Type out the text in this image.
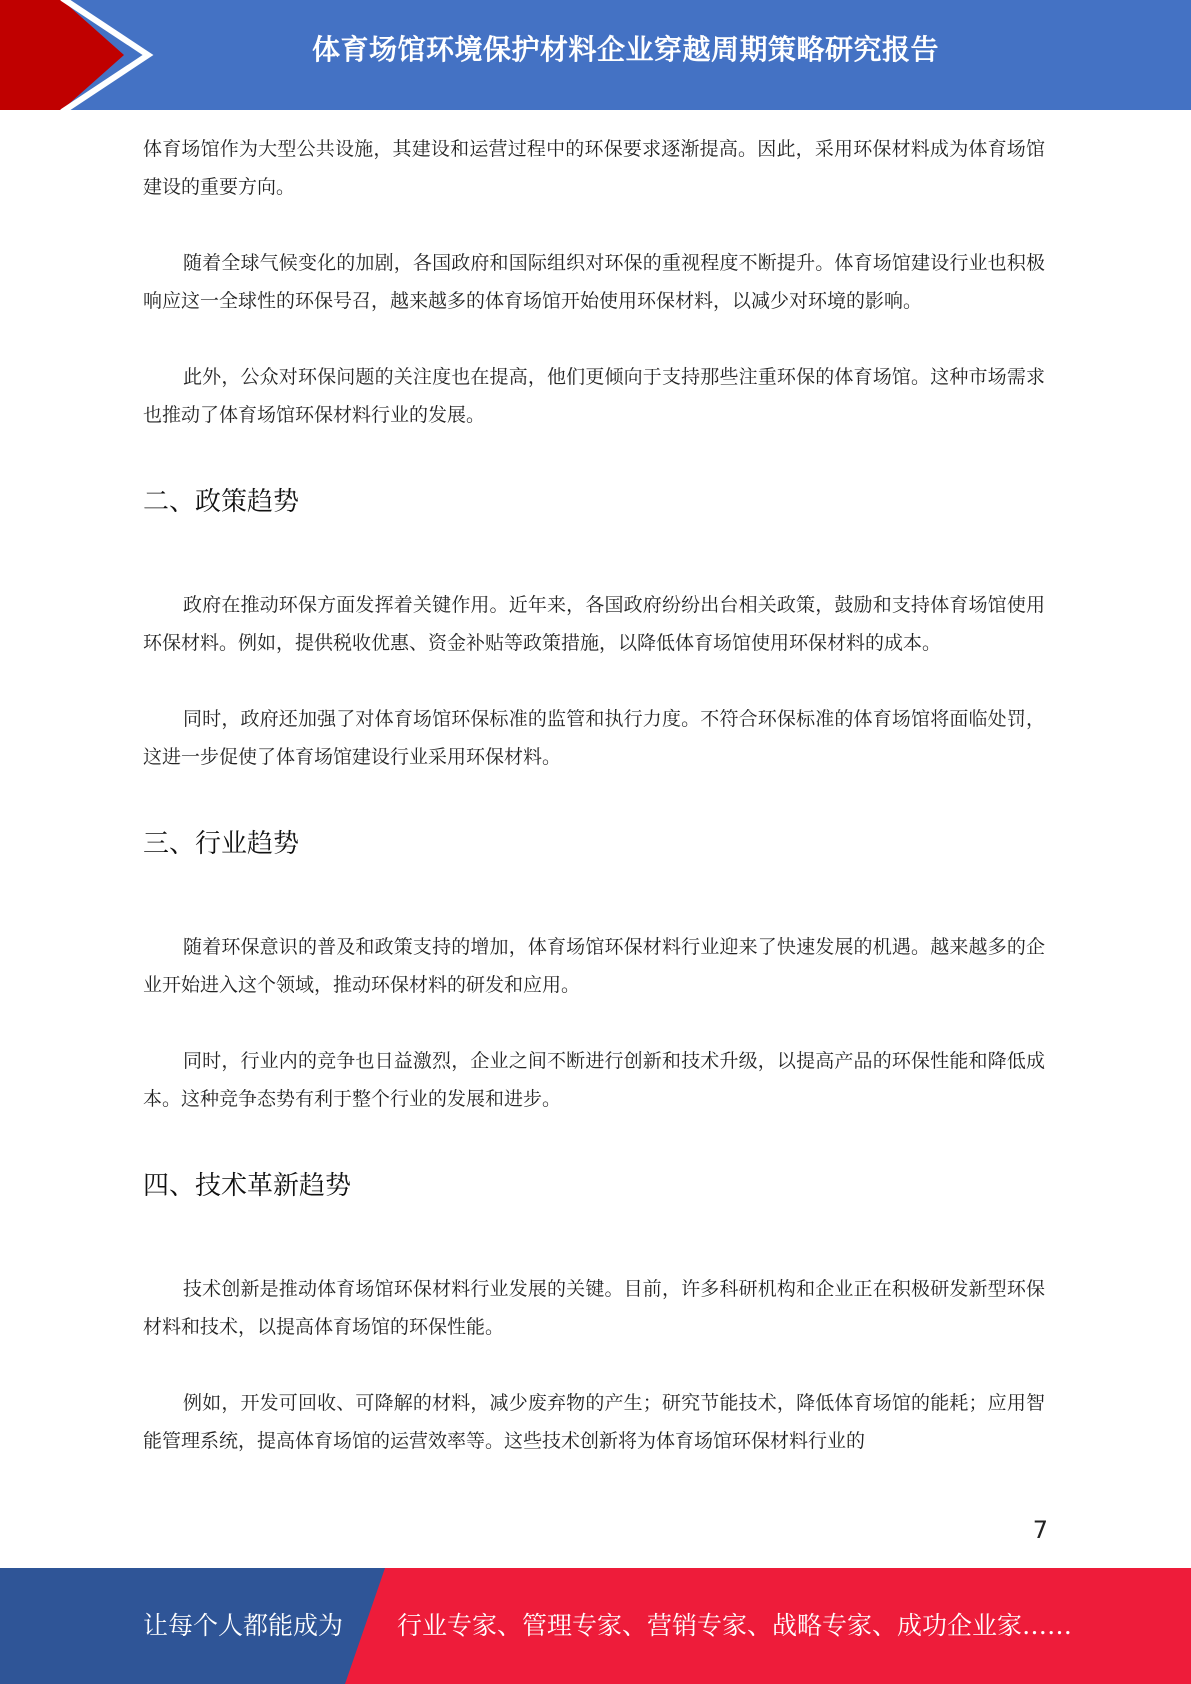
体育场馆环境保护材料企业穿越周期策略研究报告

体育场馆作为大型公共设施，其建设和运营过程中的环保要求逐渐提高。因此，采用环保材料成为体育场馆建设的重要方向。

随着全球气候变化的加剧，各国政府和国际组织对环保的重视程度不断提升。体育场馆建设行业也积极响应这一全球性的环保号召，越来越多的体育场馆开始使用环保材料，以减少对环境的影响。

此外，公众对环保问题的关注度也在提高，他们更倾向于支持那些注重环保的体育场馆。这种市场需求也推动了体育场馆环保材料行业的发展。

二、政策趋势

政府在推动环保方面发挥着关键作用。近年来，各国政府纷纷出台相关政策，鼓励和支持体育场馆使用环保材料。例如，提供税收优惠、资金补贴等政策措施，以降低体育场馆使用环保材料的成本。

同时，政府还加强了对体育场馆环保标准的监管和执行力度。不符合环保标准的体育场馆将面临处罚，这进一步促使了体育场馆建设行业采用环保材料。

三、行业趋势

随着环保意识的普及和政策支持的增加，体育场馆环保材料行业迎来了快速发展的机遇。越来越多的企业开始进入这个领域，推动环保材料的研发和应用。

同时，行业内的竞争也日益激烈，企业之间不断进行创新和技术升级，以提高产品的环保性能和降低成本。这种竞争态势有利于整个行业的发展和进步。

四、技术革新趋势

技术创新是推动体育场馆环保材料行业发展的关键。目前，许多科研机构和企业正在积极研发新型环保材料和技术，以提高体育场馆的环保性能。

例如，开发可回收、可降解的材料，减少废弃物的产生；研究节能技术，降低体育场馆的能耗；应用智能管理系统，提高体育场馆的运营效率等。这些技术创新将为体育场馆环保材料行业的

7
让每个人都能成为 行业专家、管理专家、营销专家、战略专家、成功企业家……
